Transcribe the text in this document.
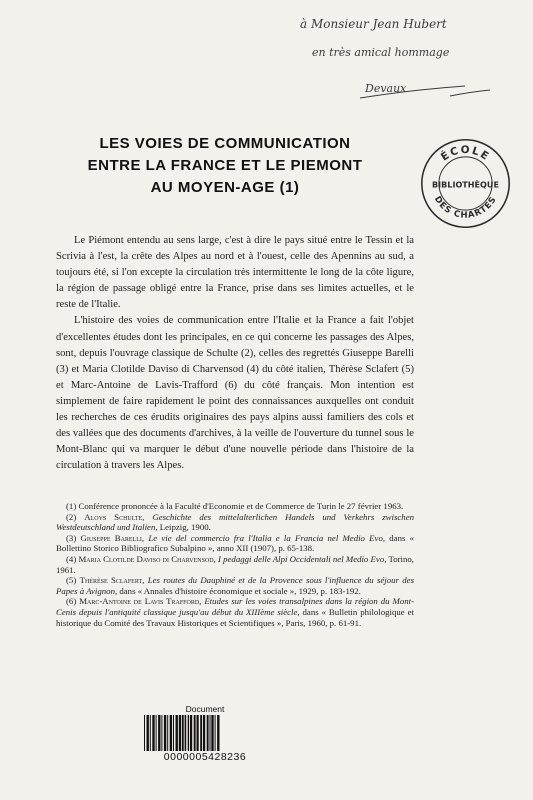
à Monsieur Jean Hubert
en très amical hommage
Devaux
LES VOIES DE COMMUNICATION
ENTRE LA FRANCE ET LE PIEMONT
AU MOYEN-AGE (1)
ÉCOLE
BIBLIOTHÈQUE
DES CHARTES

Le Piémont entendu au sens large, c'est à dire le pays situé entre le Tessin et la Scrivia à l'est, la crête des Alpes au nord et à l'ouest, celle des Apennins au sud, a toujours été, si l'on excepte la circulation très intermittente le long de la côte ligure, la région de passage obligé entre la France, prise dans ses limites actuelles, et le reste de l'Italie.

L'histoire des voies de communication entre l'Italie et la France a fait l'objet d'excellentes études dont les principales, en ce qui concerne les passages des Alpes, sont, depuis l'ouvrage classique de Schulte (2), celles des regrettés Giuseppe Barelli (3) et Maria Clotilde Daviso di Charvensod (4) du côté italien, Thérèse Sclafert (5) et Marc-Antoine de Lavis-Trafford (6) du côté français. Mon intention est simplement de faire rapidement le point des connaissances auxquelles ont conduit les recherches de ces érudits originaires des pays alpins aussi familiers des cols et des vallées que des documents d'archives, à la veille de l'ouverture du tunnel sous le Mont-Blanc qui va marquer le début d'une nouvelle période dans l'histoire de la circulation à travers les Alpes.

(1) Conférence prononcée à la Faculté d'Economie et de Commerce de Turin le 27 février 1963.

(2) Aloys Schulte, Geschichte des mittelalterlichen Handels und Verkehrs zwischen Westdeutschland und Italien, Leipzig, 1900.

(3) Giuseppe Barelli, Le vie del commercio fra l'Italia e la Francia nel Medio Evo, dans « Bollettino Storico Bibliografico Subalpino », anno XII (1907), p. 65-138.

(4) Maria Clotilde Daviso di Charvensod, I pedaggi delle Alpi Occidentali nel Medio Evo, Torino, 1961.

(5) Thérèse Sclafert, Les routes du Dauphiné et de la Provence sous l'influence du séjour des Papes à Avignon, dans « Annales d'histoire économique et sociale », 1929, p. 183-192.

(6) Marc-Antoine de Lavis Trafford, Etudes sur les voies transalpines dans la région du Mont-Cenis depuis l'antiquité classique jusqu'au début du XIIIème siècle, dans « Bulletin philologique et historique du Comité des Travaux Historiques et Scientifiques », Paris, 1960, p. 61-91.

Document
0000005428236
